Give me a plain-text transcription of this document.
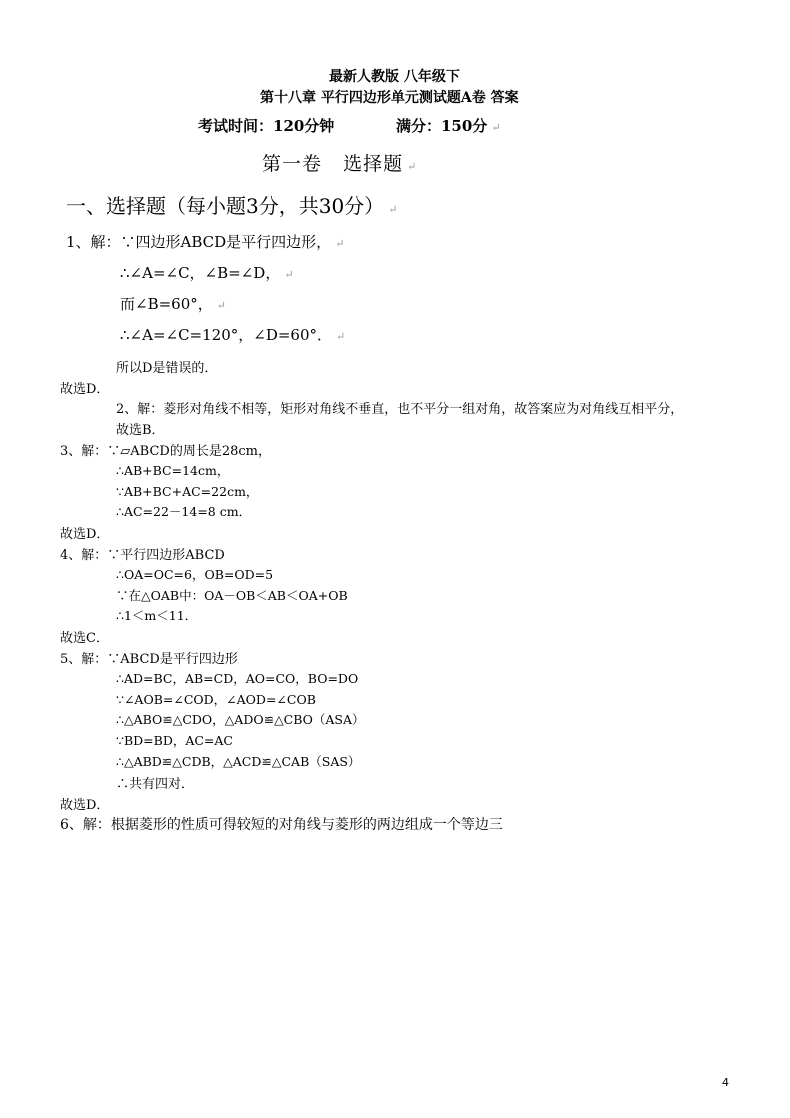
最新人教版 八年级下
第十八章 平行四边形单元测试题A卷 答案
考试时间：120分钟	满分：150分 ↵
第一卷   选择题 ↵
一、选择题（每小题3分，共30分） ↵
1、解：∵四边形ABCD是平行四边形， ↵
∴∠A=∠C，∠B=∠D， ↵
而∠B=60°， ↵
∴∠A=∠C=120°，∠D=60°． ↵
所以D是错误的．
故选D．
2、解：菱形对角线不相等，矩形对角线不垂直，也不平分一组对角，故答案应为对角线互相平分，
故选B．
3、解：∵▱ABCD的周长是28cm，
∴AB+BC=14cm，
∵AB+BC+AC=22cm，
∴AC=22－14=8 cm．
故选D．
4、解：∵平行四边形ABCD
∴OA=OC=6，OB=OD=5
∵在△OAB中：OA－OB＜AB＜OA+OB
∴1＜m＜11．
故选C．
5、解：∵ABCD是平行四边形
∴AD=BC，AB=CD，AO=CO，BO=DO
∵∠AOB=∠COD，∠AOD=∠COB
∴△ABO≌△CDO，△ADO≌△CBO（ASA）
∵BD=BD，AC=AC
∴△ABD≌△CDB，△ACD≌△CAB（SAS）
∴共有四对．
故选D．
6、解：根据菱形的性质可得较短的对角线与菱形的两边组成一个等边三
4
